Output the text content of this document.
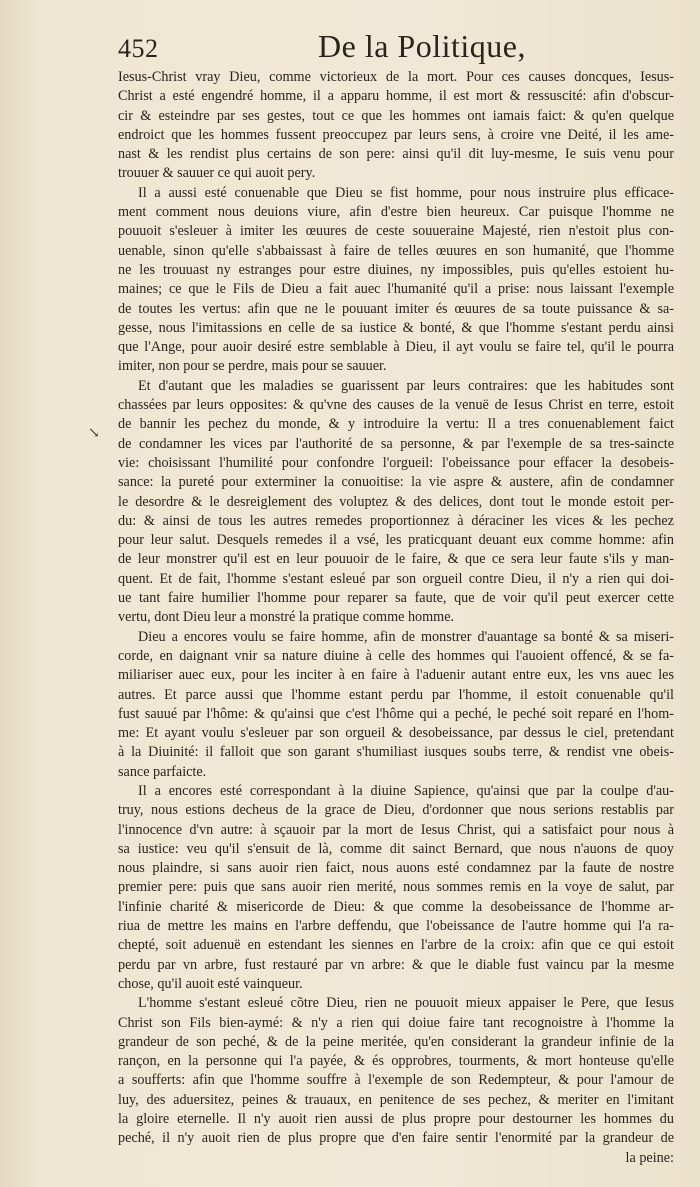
452	De la Politique,
↘
Iesus-Christ vray Dieu, comme victorieux de la mort. Pour ces causes doncques, Iesus-
Christ a esté engendré homme, il a apparu homme, il est mort & ressuscité: afin d'obscur-
cir & esteindre par ses gestes, tout ce que les hommes ont iamais faict: & qu'en quelque
endroict que les hommes fussent preoccupez par leurs sens, à croire vne Deité, il les ame-
nast & les rendist plus certains de son pere: ainsi qu'il dit luy-mesme, Ie suis venu pour
trouuer & sauuer ce qui auoit pery.
Il a aussi esté conuenable que Dieu se fist homme, pour nous instruire plus efficace-
ment comment nous deuions viure, afin d'estre bien heureux. Car puisque l'homme ne
pouuoit s'esleuer à imiter les œuures de ceste souueraine Majesté, rien n'estoit plus con-
uenable, sinon qu'elle s'abbaissast à faire de telles œuures en son humanité, que l'homme
ne les trouuast ny estranges pour estre diuines, ny impossibles, puis qu'elles estoient hu-
maines; ce que le Fils de Dieu a fait auec l'humanité qu'il a prise: nous laissant l'exemple
de toutes les vertus: afin que ne le pouuant imiter és œuures de sa toute puissance & sa-
gesse, nous l'imitassions en celle de sa iustice & bonté, & que l'homme s'estant perdu ainsi
que l'Ange, pour auoir desiré estre semblable à Dieu, il ayt voulu se faire tel, qu'il le pourra
imiter, non pour se perdre, mais pour se sauuer.
Et d'autant que les maladies se guarissent par leurs contraires: que les habitudes sont
chassées par leurs opposites: & qu'vne des causes de la venuë de Iesus Christ en terre, estoit
de bannir les pechez du monde, & y introduire la vertu: Il a tres conuenablement faict
de condamner les vices par l'authorité de sa personne, & par l'exemple de sa tres-saincte
vie: choisissant l'humilité pour confondre l'orgueil: l'obeissance pour effacer la desobeis-
sance: la pureté pour exterminer la conuoitise: la vie aspre & austere, afin de condamner
le desordre & le desreiglement des voluptez & des delices, dont tout le monde estoit per-
du: & ainsi de tous les autres remedes proportionnez à déraciner les vices & les pechez
pour leur salut. Desquels remedes il a vsé, les praticquant deuant eux comme homme: afin
de leur monstrer qu'il est en leur pouuoir de le faire, & que ce sera leur faute s'ils y man-
quent. Et de fait, l'homme s'estant esleué par son orgueil contre Dieu, il n'y a rien qui doi-
ue tant faire humilier l'homme pour reparer sa faute, que de voir qu'il peut exercer cette
vertu, dont Dieu leur a monstré la pratique comme homme.
Dieu a encores voulu se faire homme, afin de monstrer d'auantage sa bonté & sa miseri-
corde, en daignant vnir sa nature diuine à celle des hommes qui l'auoient offencé, & se fa-
miliariser auec eux, pour les inciter à en faire à l'aduenir autant entre eux, les vns auec les
autres. Et parce aussi que l'homme estant perdu par l'homme, il estoit conuenable qu'il
fust sauué par l'hôme: & qu'ainsi que c'est l'hôme qui a peché, le peché soit reparé en l'hom-
me: Et ayant voulu s'esleuer par son orgueil & desobeissance, par dessus le ciel, pretendant
à la Diuinité: il falloit que son garant s'humiliast iusques soubs terre, & rendist vne obeis-
sance parfaicte.
Il a encores esté correspondant à la diuine Sapience, qu'ainsi que par la coulpe d'au-
truy, nous estions decheus de la grace de Dieu, d'ordonner que nous serions restablis par
l'innocence d'vn autre: à sçauoir par la mort de Iesus Christ, qui a satisfaict pour nous à
sa iustice: veu qu'il s'ensuit de là, comme dit sainct Bernard, que nous n'auons de quoy
nous plaindre, si sans auoir rien faict, nous auons esté condamnez par la faute de nostre
premier pere: puis que sans auoir rien merité, nous sommes remis en la voye de salut, par
l'infinie charité & misericorde de Dieu: & que comme la desobeissance de l'homme ar-
riua de mettre les mains en l'arbre deffendu, que l'obeissance de l'autre homme qui l'a ra-
chepté, soit aduenuë en estendant les siennes en l'arbre de la croix: afin que ce qui estoit
perdu par vn arbre, fust restauré par vn arbre: & que le diable fust vaincu par la mesme
chose, qu'il auoit esté vainqueur.
L'homme s'estant esleué cõtre Dieu, rien ne pouuoit mieux appaiser le Pere, que Iesus
Christ son Fils bien-aymé: & n'y a rien qui doiue faire tant recognoistre à l'homme la
grandeur de son peché, & de la peine meritée, qu'en considerant la grandeur infinie de la
rançon, en la personne qui l'a payée, & és opprobres, tourments, & mort honteuse qu'elle
a soufferts: afin que l'homme souffre à l'exemple de son Redempteur, & pour l'amour de
luy, des aduersitez, peines & trauaux, en penitence de ses pechez, & meriter en l'imitant
la gloire eternelle. Il n'y auoit rien aussi de plus propre pour destourner les hommes du
peché, il n'y auoit rien de plus propre que d'en faire sentir l'enormité par la grandeur de
la peine:
